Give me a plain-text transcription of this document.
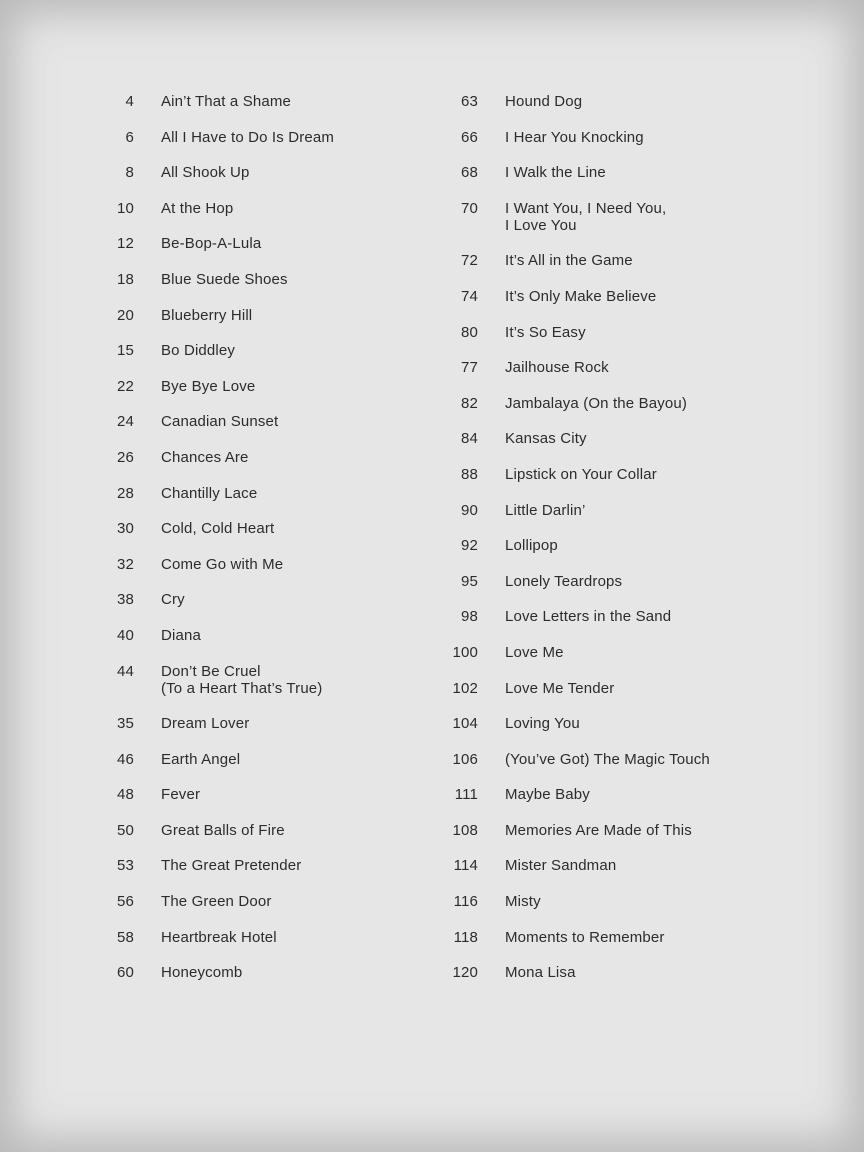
4 Ain’t That a Shame
6 All I Have to Do Is Dream
8 All Shook Up
10 At the Hop
12 Be-Bop-A-Lula
18 Blue Suede Shoes
20 Blueberry Hill
15 Bo Diddley
22 Bye Bye Love
24 Canadian Sunset
26 Chances Are
28 Chantilly Lace
30 Cold, Cold Heart
32 Come Go with Me
38 Cry
40 Diana
44 Don’t Be Cruel
(To a Heart That’s True)
35 Dream Lover
46 Earth Angel
48 Fever
50 Great Balls of Fire
53 The Great Pretender
56 The Green Door
58 Heartbreak Hotel
60 Honeycomb
63 Hound Dog
66 I Hear You Knocking
68 I Walk the Line
70 I Want You, I Need You,
I Love You
72 It’s All in the Game
74 It’s Only Make Believe
80 It’s So Easy
77 Jailhouse Rock
82 Jambalaya (On the Bayou)
84 Kansas City
88 Lipstick on Your Collar
90 Little Darlin’
92 Lollipop
95 Lonely Teardrops
98 Love Letters in the Sand
100 Love Me
102 Love Me Tender
104 Loving You
106 (You’ve Got) The Magic Touch
111 Maybe Baby
108 Memories Are Made of This
114 Mister Sandman
116 Misty
118 Moments to Remember
120 Mona Lisa
